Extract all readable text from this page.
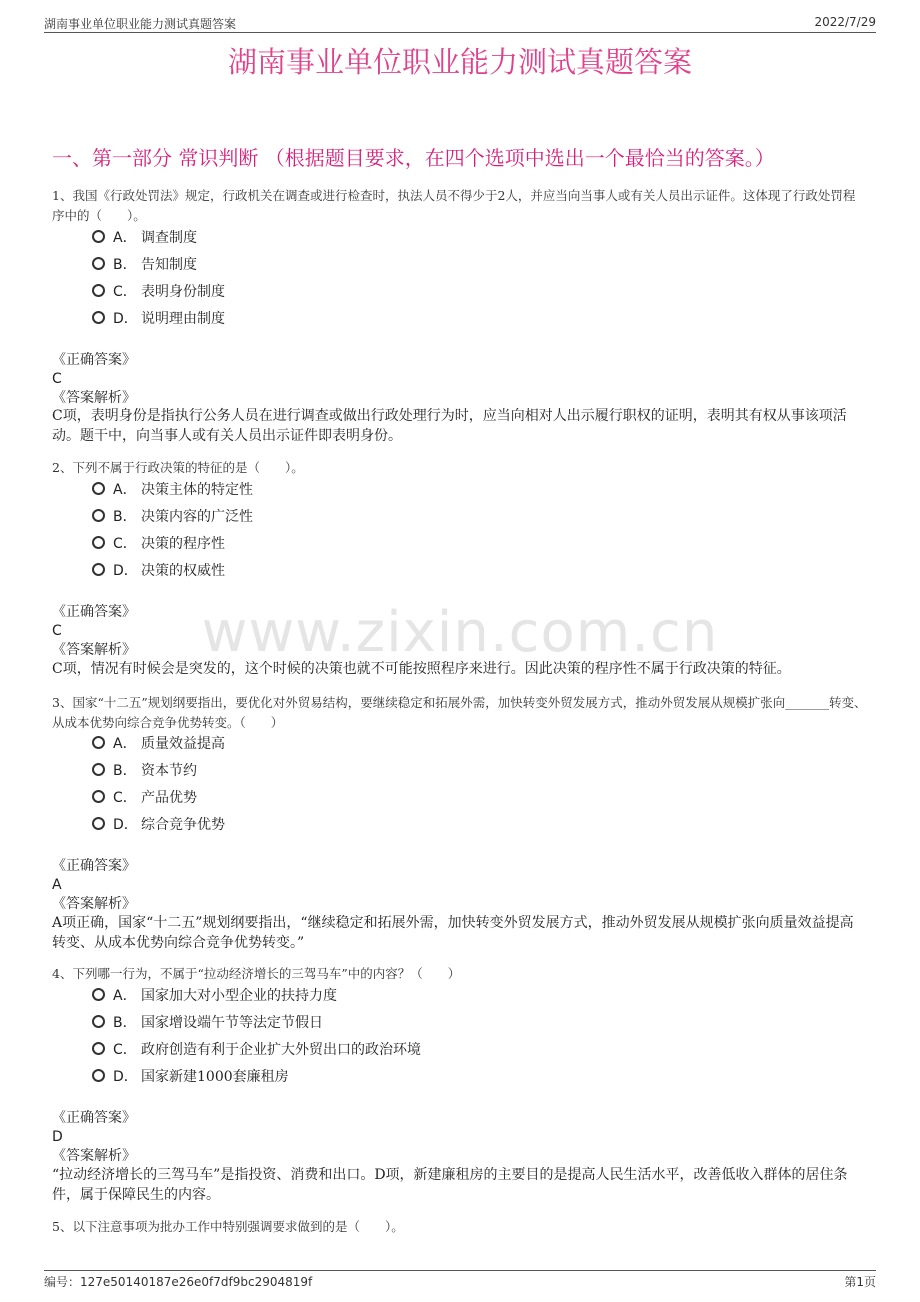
湖南事业单位职业能力测试真题答案	2022/7/29
湖南事业单位职业能力测试真题答案
一、第一部分 常识判断 （根据题目要求，在四个选项中选出一个最恰当的答案。）
www.zixin.com.cn
1、我国《行政处罚法》规定，行政机关在调查或进行检查时，执法人员不得少于2人，并应当向当事人或有关人员出示证件。这体现了行政处罚程序中的（　　）。
A． 调查制度
B． 告知制度
C． 表明身份制度
D． 说明理由制度
《正确答案》
C
《答案解析》
C项，表明身份是指执行公务人员在进行调查或做出行政处理行为时，应当向相对人出示履行职权的证明，表明其有权从事该项活动。题干中，向当事人或有关人员出示证件即表明身份。
2、下列不属于行政决策的特征的是（　　）。
A． 决策主体的特定性
B． 决策内容的广泛性
C． 决策的程序性
D． 决策的权威性
《正确答案》
C
《答案解析》
C项，情况有时候会是突发的，这个时候的决策也就不可能按照程序来进行。因此决策的程序性不属于行政决策的特征。
3、国家“十二五”规划纲要指出，要优化对外贸易结构，要继续稳定和拓展外需，加快转变外贸发展方式，推动外贸发展从规模扩张向_______转变、从成本优势向综合竞争优势转变。（　　）
A． 质量效益提高
B． 资本节约
C． 产品优势
D． 综合竞争优势
《正确答案》
A
《答案解析》
A项正确，国家“十二五”规划纲要指出，“继续稳定和拓展外需，加快转变外贸发展方式，推动外贸发展从规模扩张向质量效益提高转变、从成本优势向综合竞争优势转变。”
4、下列哪一行为，不属于“拉动经济增长的三驾马车”中的内容？（　　）
A． 国家加大对小型企业的扶持力度
B． 国家增设端午节等法定节假日
C． 政府创造有利于企业扩大外贸出口的政治环境
D． 国家新建1000套廉租房
《正确答案》
D
《答案解析》
“拉动经济增长的三驾马车”是指投资、消费和出口。D项，新建廉租房的主要目的是提高人民生活水平，改善低收入群体的居住条件，属于保障民生的内容。
5、以下注意事项为批办工作中特别强调要求做到的是（　　）。
编号：127e50140187e26e0f7df9bc2904819f	第1页
